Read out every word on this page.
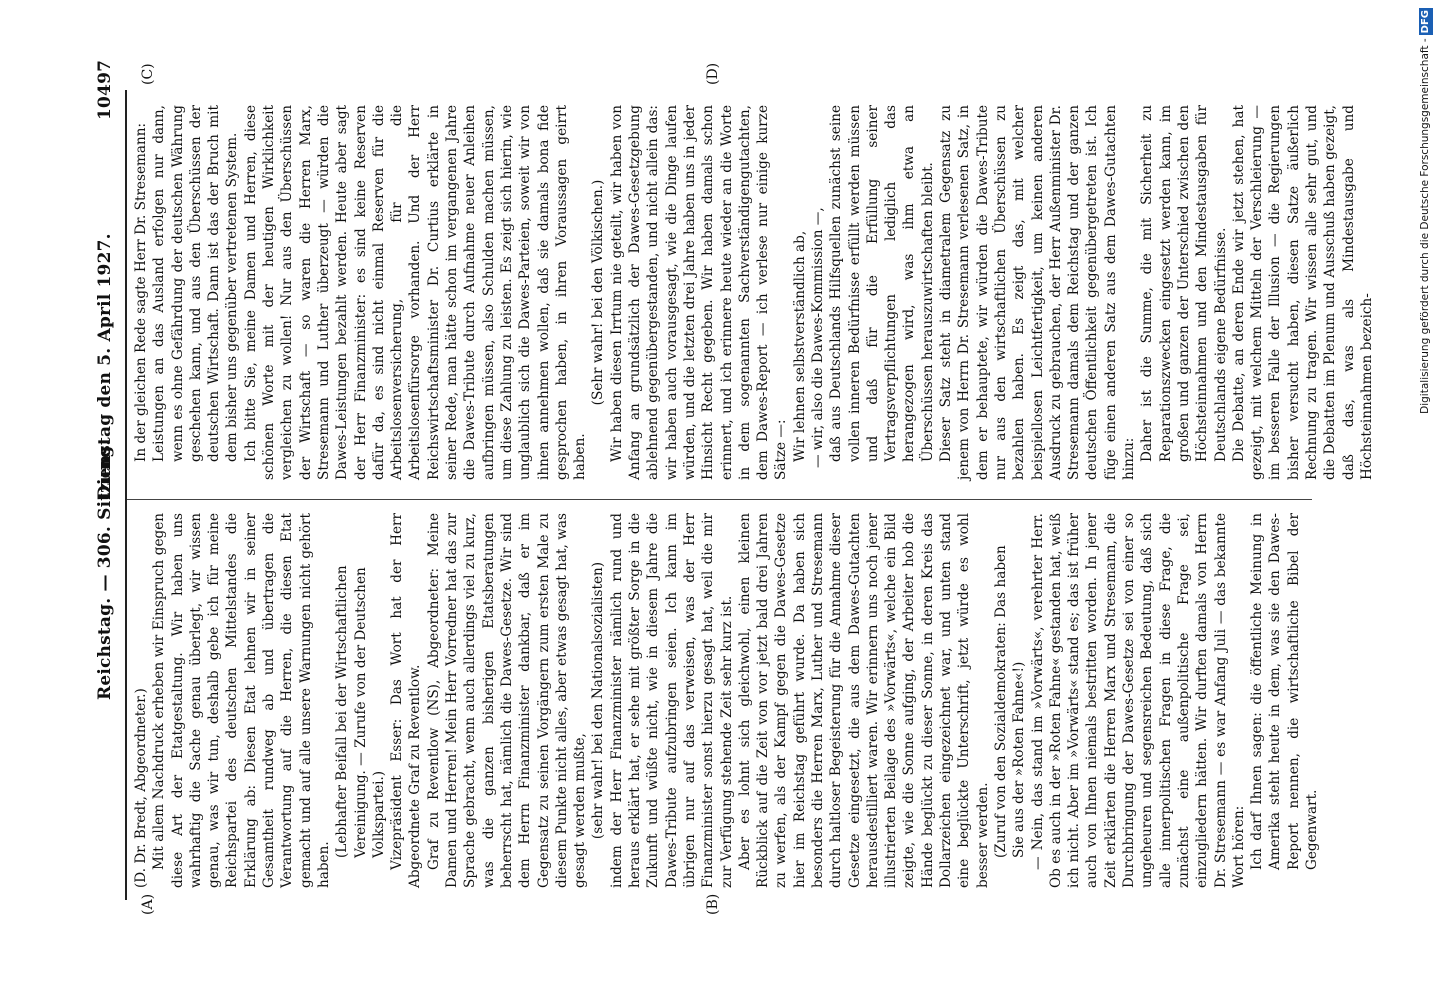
Reichstag. — 306. Sitzung.
Dienstag den 5. April 1927.
10497
(A)	(B)
(C)	(D)

(D. Dr. Bredt, Abgeordneter.) Mit allem Nachdruck erheben wir Einspruch gegen diese Art der Etatgestaltung. Wir haben uns wahrhaftig die Sache genau überlegt, wir wissen genau, was wir tun, deshalb gebe ich für meine Reichspartei des deutschen Mittelstandes die Erklärung ab: Diesen Etat lehnen wir in seiner Gesamtheit rundweg ab und übertragen die Verantwortung auf die Herren, die diesen Etat gemacht und auf alle unsere Warnungen nicht gehört haben.

(Lebhafter Beifall bei der Wirtschaftlichen Vereinigung. — Zurufe von der Deutschen Volkspartei.) Vizepräsident Esser: Das Wort hat der Herr Abgeordnete Graf zu Reventlow. Graf zu Reventlow (NS), Abgeordneter: Meine Damen und Herren! Mein Herr Vorredner hat das zur Sprache gebracht, wenn auch allerdings viel zu kurz, was die ganzen bisherigen Etatsberatungen beherrscht hat, nämlich die Dawes-Gesetze. Wir sind dem Herrn Finanzminister dankbar, daß er im Gegensatz zu seinen Vorgängern zum ersten Male zu diesem Punkte nicht alles, aber etwas gesagt hat, was gesagt werden mußte, (sehr wahr! bei den Nationalsozialisten) indem der Herr Finanzminister nämlich rund und heraus erklärt hat, er sehe mit größter Sorge in die Zukunft und wüßte nicht, wie in diesem Jahre die Dawes-Tribute aufzubringen seien. Ich kann im übrigen nur auf das verweisen, was der Herr Finanzminister sonst hierzu gesagt hat, weil die mir zur Verfügung stehende Zeit sehr kurz ist. Aber es lohnt sich gleichwohl, einen kleinen Rückblick auf die Zeit von vor jetzt bald drei Jahren zu werfen, als der Kampf gegen die Dawes-Gesetze hier im Reichstag geführt wurde. Da haben sich besonders die Herren Marx, Luther und Stresemann durch haltloser Begeisterung für die Annahme dieser Gesetze eingesetzt, die aus dem Dawes-Gutachten herausdestilliert waren. Wir erinnern uns noch jener illustrierten Beilage des »Vorwärts«, welche ein Bild zeigte, wie die Sonne aufging, der Arbeiter hob die Hände beglückt zu dieser Sonne, in deren Kreis das Dollarzeichen eingezeichnet war, und unten stand eine beglückte Unterschrift, jetzt würde es wohl besser werden. (Zuruf von den Sozialdemokraten: Das haben Sie aus der »Roten Fahne«!) — Nein, das stand im »Vorwärts«, verehrter Herr. Ob es auch in der »Roten Fahne« gestanden hat, weiß ich nicht. Aber im »Vorwärts« stand es; das ist früher auch von Ihnen niemals bestritten worden. In jener Zeit erklärten die Herren Marx und Stresemann, die Durchbringung der Dawes-Gesetze sei von einer so ungeheuren und segensreichen Bedeutung, daß sich alle innerpolitischen Fragen in diese Frage, die zunächst eine außenpolitische Frage sei, einzugliedern hätten. Wir durften damals von Herrn Dr. Stresemann — es war Anfang Juli — das bekannte Wort hören: Ich darf Ihnen sagen: die öffentliche Meinung in Amerika steht heute in dem, was sie den Dawes-Report nennen, die wirtschaftliche Bibel der Gegenwart.

In der gleichen Rede sagte Herr Dr. Stresemann: Leistungen an das Ausland erfolgen nur dann, wenn es ohne Gefährdung der deutschen Währung geschehen kann, und aus den Überschüssen der deutschen Wirtschaft. Dann ist das der Bruch mit dem bisher uns gegenüber vertretenen System. Ich bitte Sie, meine Damen und Herren, diese schönen Worte mit der heutigen Wirklichkeit vergleichen zu wollen! Nur aus den Überschüssen der Wirtschaft — so waren die Herren Marx, Stresemann und Luther überzeugt — würden die Dawes-Leistungen bezahlt werden. Heute aber sagt der Herr Finanzminister: es sind keine Reserven dafür da, es sind nicht einmal Reserven für die Arbeitslosenversicherung, für die Arbeitslosenfürsorge vorhanden. Und der Herr Reichswirtschaftsminister Dr. Curtius erklärte in seiner Rede, man hätte schon im vergangenen Jahre die Dawes-Tribute durch Aufnahme neuer Anleihen aufbringen müssen, also Schulden machen müssen, um diese Zahlung zu leisten. Es zeigt sich hierin, wie unglaublich sich die Dawes-Parteien, soweit wir von ihnen annehmen wollen, daß sie damals bona fide gesprochen haben, in ihren Voraussagen geirrt haben.

(Sehr wahr! bei den Völkischen.) Wir haben diesen Irrtum nie geteilt, wir haben von Anfang an grundsätzlich der Dawes-Gesetzgebung ablehnend gegenübergestanden, und nicht allein das: wir haben auch vorausgesagt, wie die Dinge laufen würden, und die letzten drei Jahre haben uns in jeder Hinsicht Recht gegeben. Wir haben damals schon erinnert, und ich erinnere heute wieder an die Worte in dem sogenannten Sachverständigengutachten, dem Dawes-Report — ich verlese nur einige kurze Sätze —: Wir lehnen selbstverständlich ab, — wir, also die Dawes-Kommission —, daß aus Deutschlands Hilfsquellen zunächst seine vollen inneren Bedürfnisse erfüllt werden müssen und daß für die Erfüllung seiner Vertragsverpflichtungen lediglich das herangezogen wird, was ihm etwa an Überschüssen herauszuwirtschaften bleibt. Dieser Satz steht in diametralem Gegensatz zu jenem von Herrn Dr. Stresemann verlesenen Satz, in dem er behauptete, wir würden die Dawes-Tribute nur aus den wirtschaftlichen Überschüssen zu bezahlen haben. Es zeigt das, mit welcher beispiellosen Leichtfertigkeit, um keinen anderen Ausdruck zu gebrauchen, der Herr Außenminister Dr. Stresemann damals dem Reichstag und der ganzen deutschen Öffentlichkeit gegenübergetreten ist. Ich füge einen anderen Satz aus dem Dawes-Gutachten hinzu: Daher ist die Summe, die mit Sicherheit zu Reparationszwecken eingesetzt werden kann, im großen und ganzen der Unterschied zwischen den Höchsteinnahmen und den Mindestausgaben für Deutschlands eigene Bedürfnisse. Die Debatte, an deren Ende wir jetzt stehen, hat gezeigt, mit welchem Mitteln der Verschleierung — im besseren Falle der Illusion — die Regierungen bisher versucht haben, diesen Satze äußerlich Rechnung zu tragen. Wir wissen alle sehr gut, und die Debatten im Plenum und Ausschuß haben gezeigt, daß das, was als Mindestausgabe und Höchsteinnahmen bezeich-	Digitalisierung gefördert durch die Deutsche Forschungsgemeinschaft -DFG
